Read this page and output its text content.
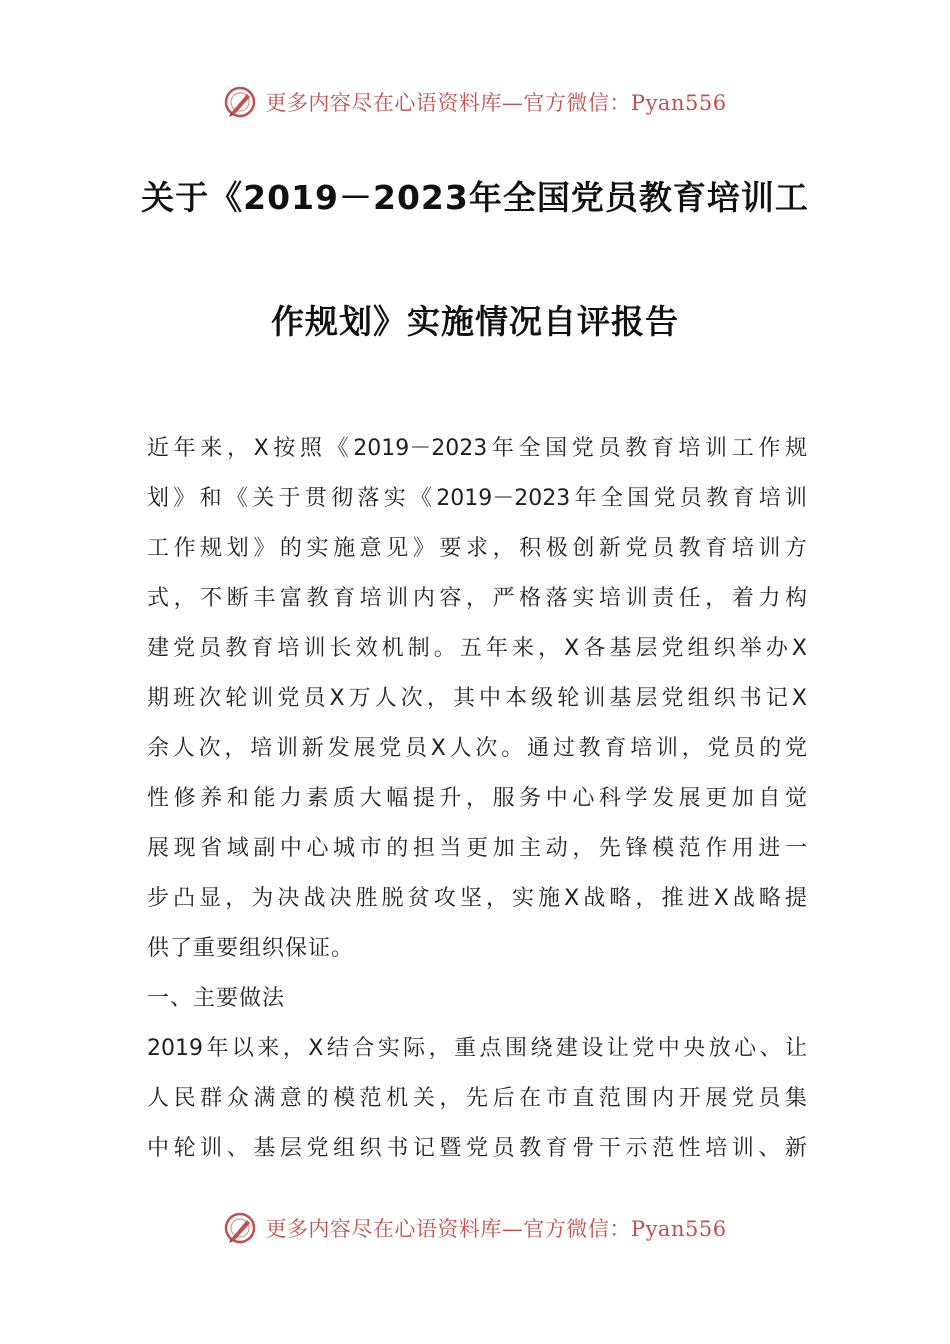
更多内容尽在心语资料库—官方微信：Pyan556
关于《2019－2023年全国党员教育培训工
作规划》实施情况自评报告
近年来，X按照《2019－2023年全国党员教育培训工作规
划》和《关于贯彻落实《2019－2023年全国党员教育培训
工作规划》的实施意见》要求，积极创新党员教育培训方
式，不断丰富教育培训内容，严格落实培训责任，着力构
建党员教育培训长效机制。五年来，X各基层党组织举办X
期班次轮训党员X万人次，其中本级轮训基层党组织书记X
余人次，培训新发展党员X人次。通过教育培训，党员的党
性修养和能力素质大幅提升，服务中心科学发展更加自觉
展现省域副中心城市的担当更加主动，先锋模范作用进一
步凸显，为决战决胜脱贫攻坚，实施X战略，推进X战略提
供了重要组织保证。
一、主要做法
2019年以来，X结合实际，重点围绕建设让党中央放心、让
人民群众满意的模范机关，先后在市直范围内开展党员集
中轮训、基层党组织书记暨党员教育骨干示范性培训、新
更多内容尽在心语资料库—官方微信：Pyan556
